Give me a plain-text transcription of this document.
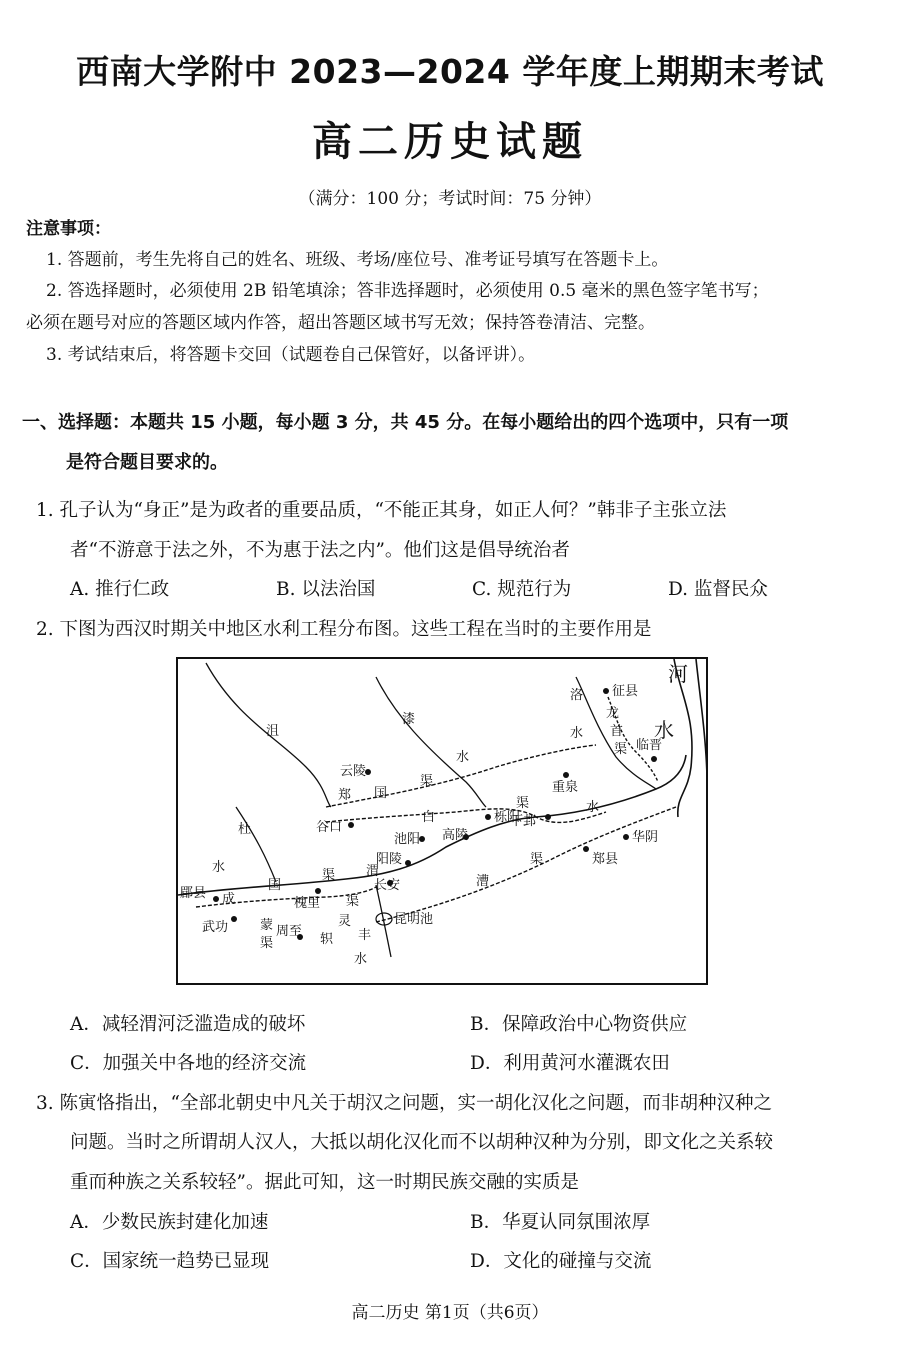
西南大学附中 2023—2024 学年度上期期末考试
高二历史试题
（满分：100 分；考试时间：75 分钟）
注意事项：
1. 答题前，考生先将自己的姓名、班级、考场/座位号、准考证号填写在答题卡上。
2. 答选择题时，必须使用 2B 铅笔填涂；答非选择题时，必须使用 0.5 毫米的黑色签字笔书写；
必须在题号对应的答题区域内作答，超出答题区域书写无效；保持答卷清洁、完整。
3. 考试结束后，将答题卡交回（试题卷自己保管好，以备评讲）。
一、选择题：本题共 15 小题，每小题 3 分，共 45 分。在每小题给出的四个选项中，只有一项
是符合题目要求的。
1. 孔子认为“身正”是为政者的重要品质，“不能正其身，如正人何？”韩非子主张立法
者“不游意于法之外，不为惠于法之内”。他们这是倡导统治者
A. 推行仁政	B. 以法治国	C. 规范行为	D. 监督民众
2. 下图为西汉时期关中地区水利工程分布图。这些工程在当时的主要作用是
河
水
征县
洛
水
龙
首
渠 临晋
沮
漆
云陵
重泉
水
郑 国
渠
白
渠	水
谷口
栎阳
下邽
池阳 高陵
杜
华阴
郑县
阳陵
水
成
国
渠 渭
长安
郿县
槐里
渠
漕
武功 蒙
渠
周至
灵
轵 丰
昆明池
水
渠
A．减轻渭河泛滥造成的破坏	B．保障政治中心物资供应
C．加强关中各地的经济交流	D．利用黄河水灌溉农田
3. 陈寅恪指出，“全部北朝史中凡关于胡汉之问题，实一胡化汉化之问题，而非胡种汉种之
问题。当时之所谓胡人汉人，大抵以胡化汉化而不以胡种汉种为分别，即文化之关系较
重而种族之关系较轻”。据此可知，这一时期民族交融的实质是
A．少数民族封建化加速	B．华夏认同氛围浓厚
C．国家统一趋势已显现	D．文化的碰撞与交流
高二历史 第1页（共6页）
